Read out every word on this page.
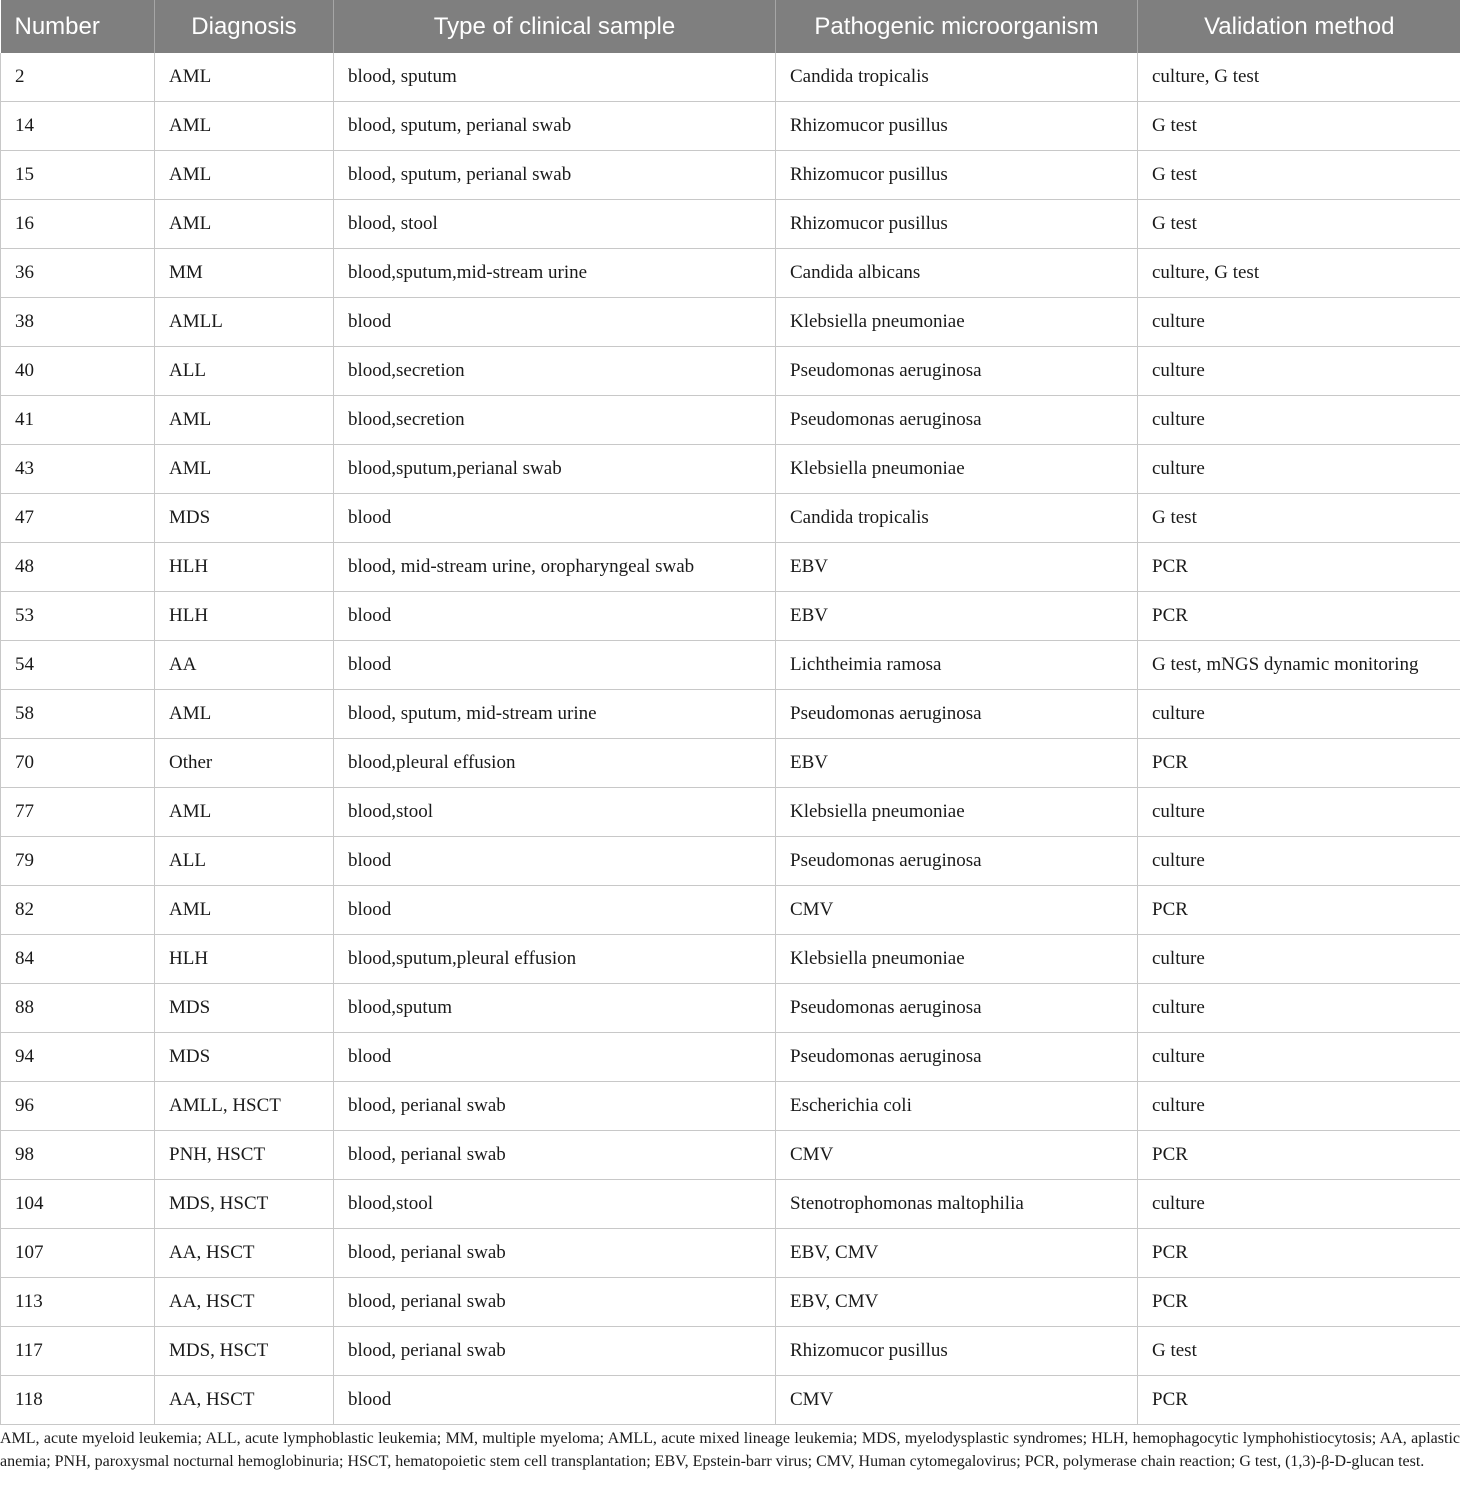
Number	Diagnosis	Type of clinical sample	Pathogenic microorganism	Validation method
2	AML	blood, sputum	Candida tropicalis	culture, G test
14	AML	blood, sputum, perianal swab	Rhizomucor pusillus	G test
15	AML	blood, sputum, perianal swab	Rhizomucor pusillus	G test
16	AML	blood, stool	Rhizomucor pusillus	G test
36	MM	blood,sputum,mid-stream urine	Candida albicans	culture, G test
38	AMLL	blood	Klebsiella pneumoniae	culture
40	ALL	blood,secretion	Pseudomonas aeruginosa	culture
41	AML	blood,secretion	Pseudomonas aeruginosa	culture
43	AML	blood,sputum,perianal swab	Klebsiella pneumoniae	culture
47	MDS	blood	Candida tropicalis	G test
48	HLH	blood, mid-stream urine, oropharyngeal swab	EBV	PCR
53	HLH	blood	EBV	PCR
54	AA	blood	Lichtheimia ramosa	G test, mNGS dynamic monitoring
58	AML	blood, sputum, mid-stream urine	Pseudomonas aeruginosa	culture
70	Other	blood,pleural effusion	EBV	PCR
77	AML	blood,stool	Klebsiella pneumoniae	culture
79	ALL	blood	Pseudomonas aeruginosa	culture
82	AML	blood	CMV	PCR
84	HLH	blood,sputum,pleural effusion	Klebsiella pneumoniae	culture
88	MDS	blood,sputum	Pseudomonas aeruginosa	culture
94	MDS	blood	Pseudomonas aeruginosa	culture
96	AMLL, HSCT	blood, perianal swab	Escherichia coli	culture
98	PNH, HSCT	blood, perianal swab	CMV	PCR
104	MDS, HSCT	blood,stool	Stenotrophomonas maltophilia	culture
107	AA, HSCT	blood, perianal swab	EBV, CMV	PCR
113	AA, HSCT	blood, perianal swab	EBV, CMV	PCR
117	MDS, HSCT	blood, perianal swab	Rhizomucor pusillus	G test
118	AA, HSCT	blood	CMV	PCR

AML, acute myeloid leukemia; ALL, acute lymphoblastic leukemia; MM, multiple myeloma; AMLL, acute mixed lineage leukemia; MDS, myelodysplastic syndromes; HLH, hemophagocytic lymphohistiocytosis; AA, aplastic anemia; PNH, paroxysmal nocturnal hemoglobinuria; HSCT, hematopoietic stem cell transplantation; EBV, Epstein-barr virus; CMV, Human cytomegalovirus; PCR, polymerase chain reaction; G test, (1,3)-β-D-glucan test.
